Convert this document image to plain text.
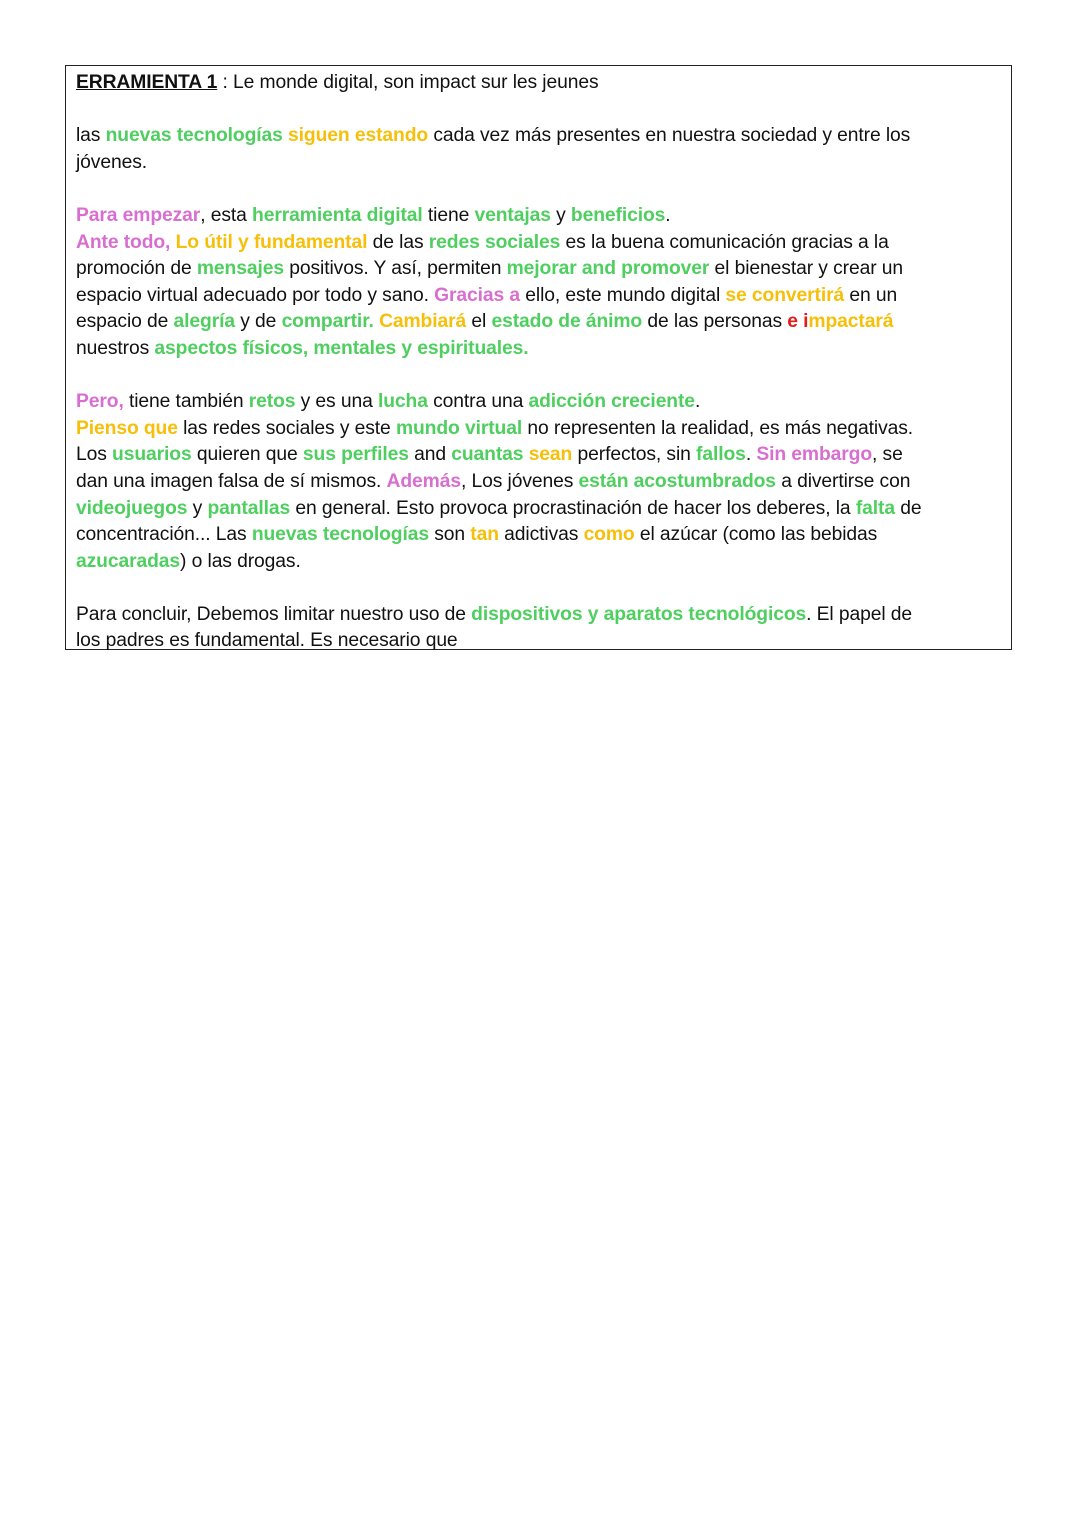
ERRAMIENTA 1 : Le monde digital, son impact sur les jeunes
las nuevas tecnologías siguen estando cada vez más presentes en nuestra sociedad y entre los
jóvenes.
Para empezar, esta herramienta digital tiene ventajas y beneficios.
Ante todo, Lo útil y fundamental de las redes sociales es la buena comunicación gracias a la
promoción de mensajes positivos. Y así, permiten mejorar and promover el bienestar y crear un
espacio virtual adecuado por todo y sano. Gracias a ello, este mundo digital se convertirá en un
espacio de alegría y de compartir. Cambiará el estado de ánimo de las personas e impactará
nuestros aspectos físicos, mentales y espirituales.
Pero, tiene también retos y es una lucha contra una adicción creciente.
Pienso que las redes sociales y este mundo virtual no representen la realidad, es más negativas.
Los usuarios quieren que sus perfiles and cuantas sean perfectos, sin fallos. Sin embargo, se
dan una imagen falsa de sí mismos. Además, Los jóvenes están acostumbrados a divertirse con
videojuegos y pantallas en general. Esto provoca procrastinación de hacer los deberes, la falta de
concentración... Las nuevas tecnologías son tan adictivas como el azúcar (como las bebidas
azucaradas) o las drogas.
Para concluir, Debemos limitar nuestro uso de dispositivos y aparatos tecnológicos. El papel de
los padres es fundamental. Es necesario que
